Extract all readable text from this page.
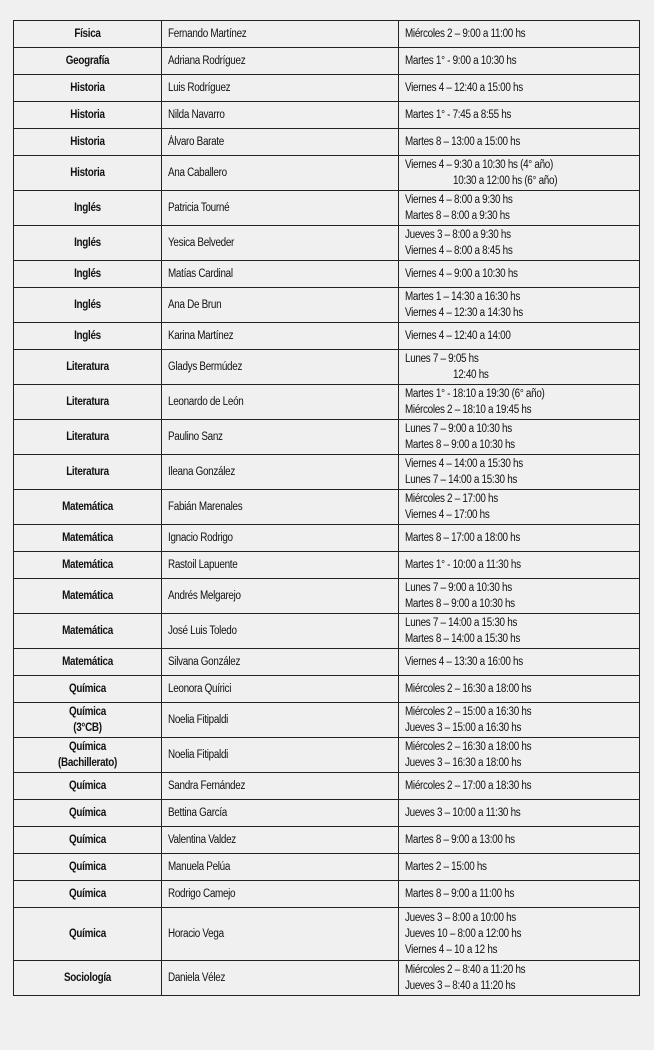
Física	Fernando Martínez	Miércoles 2 – 9:00 a 11:00 hs

Geografía	Adriana Rodríguez	Martes 1° - 9:00 a 10:30 hs

Historia	Luis Rodríguez	Viernes 4 – 12:40 a 15:00 hs

Historia	Nilda Navarro	Martes 1° - 7:45 a 8:55 hs

Historia	Álvaro Barate	Martes 8 – 13:00 a 15:00 hs

Historia	Ana Caballero	Viernes 4 – 9:30 a 10:30 hs (4° año)
10:30 a 12:00 hs (6° año)

Inglés	Patricia Tourné	Viernes 4 – 8:00 a 9:30 hs
Martes 8 – 8:00 a 9:30 hs

Inglés	Yesica Belveder	Jueves 3 – 8:00 a 9:30 hs
Viernes 4 – 8:00 a 8:45 hs

Inglés	Matías Cardinal	Viernes 4 – 9:00 a 10:30 hs

Inglés	Ana De Brun	Martes 1 – 14:30 a 16:30 hs
Viernes 4 – 12:30 a 14:30 hs

Inglés	Karina Martínez	Viernes 4 – 12:40 a 14:00

Literatura	Gladys Bermúdez	Lunes 7 – 9:05 hs
12:40 hs

Literatura	Leonardo de León	Martes 1° - 18:10 a 19:30 (6° año)
Miércoles 2 – 18:10 a 19:45 hs

Literatura	Paulino Sanz	Lunes 7 – 9:00 a 10:30 hs
Martes 8 – 9:00 a 10:30 hs

Literatura	Ileana González	Viernes 4 – 14:00 a 15:30 hs
Lunes 7 – 14:00 a 15:30 hs

Matemática	Fabián Marenales	Miércoles 2 – 17:00 hs
Viernes 4 – 17:00 hs

Matemática	Ignacio Rodrigo	Martes 8 – 17:00 a 18:00 hs

Matemática	Rastoil Lapuente	Martes 1° - 10:00 a 11:30 hs

Matemática	Andrés Melgarejo	Lunes 7 – 9:00 a 10:30 hs
Martes 8 – 9:00 a 10:30 hs

Matemática	José Luis Toledo	Lunes 7 – 14:00 a 15:30 hs
Martes 8 – 14:00 a 15:30 hs

Matemática	Silvana González	Viernes 4 – 13:30 a 16:00 hs

Química	Leonora Quírici	Miércoles 2 – 16:30 a 18:00 hs

Química
(3°CB)	Noelia Fitipaldi	Miércoles 2 – 15:00 a 16:30 hs
Jueves 3 – 15:00 a 16:30 hs

Química
(Bachillerato)	Noelia Fitipaldi	Miércoles 2 – 16:30 a 18:00 hs
Jueves 3 – 16:30 a 18:00 hs

Química	Sandra Fernández	Miércoles 2 – 17:00 a 18:30 hs

Química	Bettina García	Jueves 3 – 10:00 a 11:30 hs

Química	Valentina Valdez	Martes 8 – 9:00 a 13:00 hs

Química	Manuela Pelúa	Martes 2 – 15:00 hs

Química	Rodrigo Camejo	Martes 8 – 9:00 a 11:00 hs

Química	Horacio Vega	Jueves 3 – 8:00 a 10:00 hs
Jueves 10 – 8:00 a 12:00 hs
Viernes 4 – 10 a 12 hs

Sociología	Daniela Vélez	Miércoles 2 – 8:40 a 11:20 hs
Jueves 3 – 8:40 a 11:20 hs
